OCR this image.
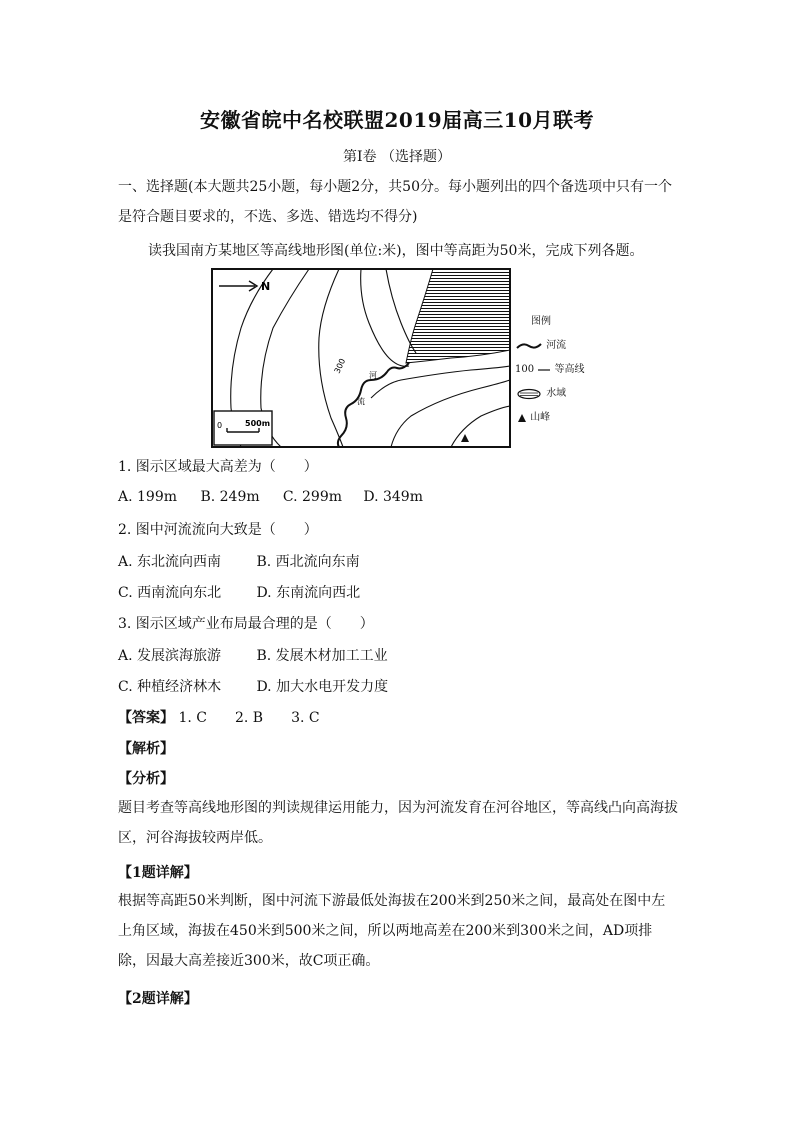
安徽省皖中名校联盟2019届高三10月联考
第I卷 （选择题）
一、选择题(本大题共25小题，每小题2分，共50分。每小题列出的四个备选项中只有一个是符合题目要求的，不选、多选、错选均不得分)
读我国南方某地区等高线地形图(单位:米)，图中等高距为50米，完成下列各题。
河
流
300
N
0	500m
图例
河流
100 等高线
水域
山峰
1. 图示区域最大高差为（　　）
A. 199m B. 249m C. 299m D. 349m
2. 图中河流流向大致是（　　）
A. 东北流向西南	B. 西北流向东南
C. 西南流向东北	D. 东南流向西北
3. 图示区域产业布局最合理的是（　　）
A. 发展滨海旅游	B. 发展木材加工工业
C. 种植经济林木	D. 加大水电开发力度
【答案】 1. C　　2. B　　3. C
【解析】
【分析】
题目考查等高线地形图的判读规律运用能力，因为河流发育在河谷地区，等高线凸向高海拔区，河谷海拔较两岸低。
【1题详解】
根据等高距50米判断，图中河流下游最低处海拔在200米到250米之间，最高处在图中左上角区域，海拔在450米到500米之间，所以两地高差在200米到300米之间，AD项排除，因最大高差接近300米，故C项正确。
【2题详解】
